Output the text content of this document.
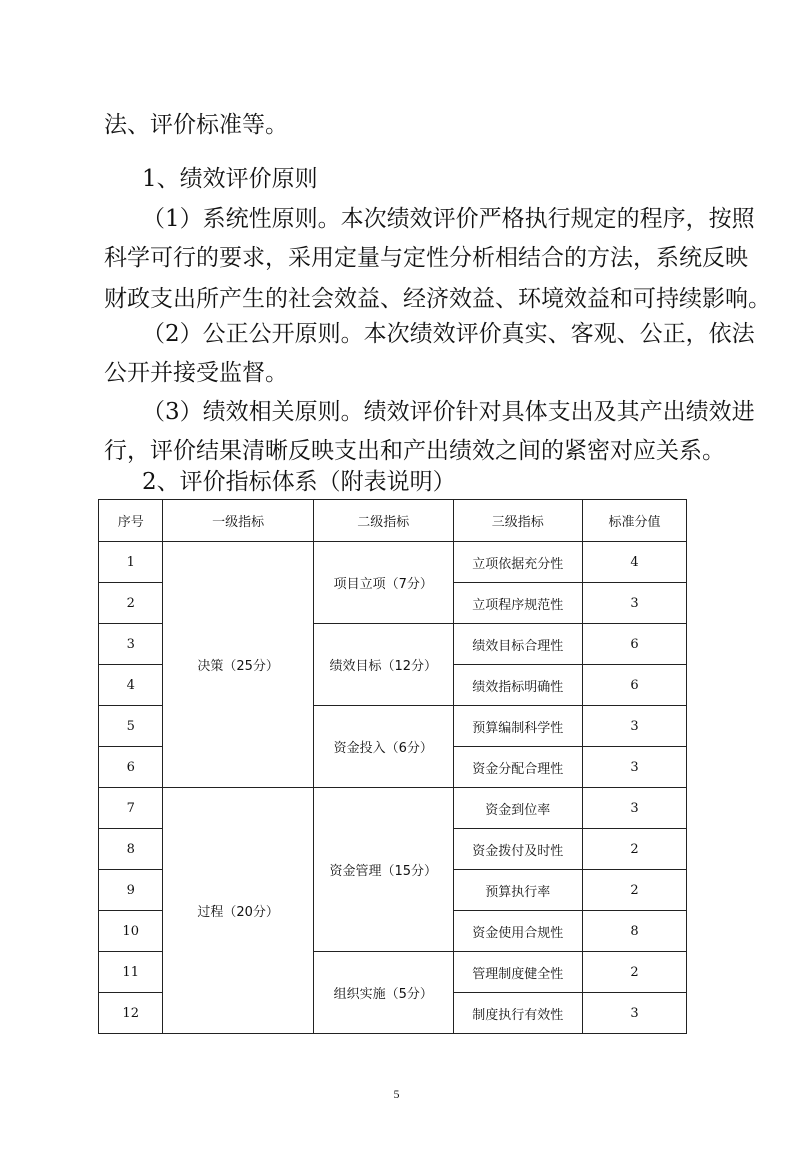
法、评价标准等。

1、绩效评价原则

（1）系统性原则。本次绩效评价严格执行规定的程序，按照

科学可行的要求，采用定量与定性分析相结合的方法，系统反映

财政支出所产生的社会效益、经济效益、环境效益和可持续影响。

（2）公正公开原则。本次绩效评价真实、客观、公正，依法

公开并接受监督。

（3）绩效相关原则。绩效评价针对具体支出及其产出绩效进

行，评价结果清晰反映支出和产出绩效之间的紧密对应关系。

2、评价指标体系（附表说明）

序号	一级指标	二级指标	三级指标	标准分值
1	决策（25分）	项目立项（7分）	立项依据充分性	4
2			立项程序规范性	3
3		绩效目标（12分）	绩效目标合理性	6
4			绩效指标明确性	6
5		资金投入（6分）	预算编制科学性	3
6			资金分配合理性	3
7	过程（20分）	资金管理（15分）	资金到位率	3
8			资金拨付及时性	2
9			预算执行率	2
10			资金使用合规性	8
11		组织实施（5分）	管理制度健全性	2
12			制度执行有效性	3
5
